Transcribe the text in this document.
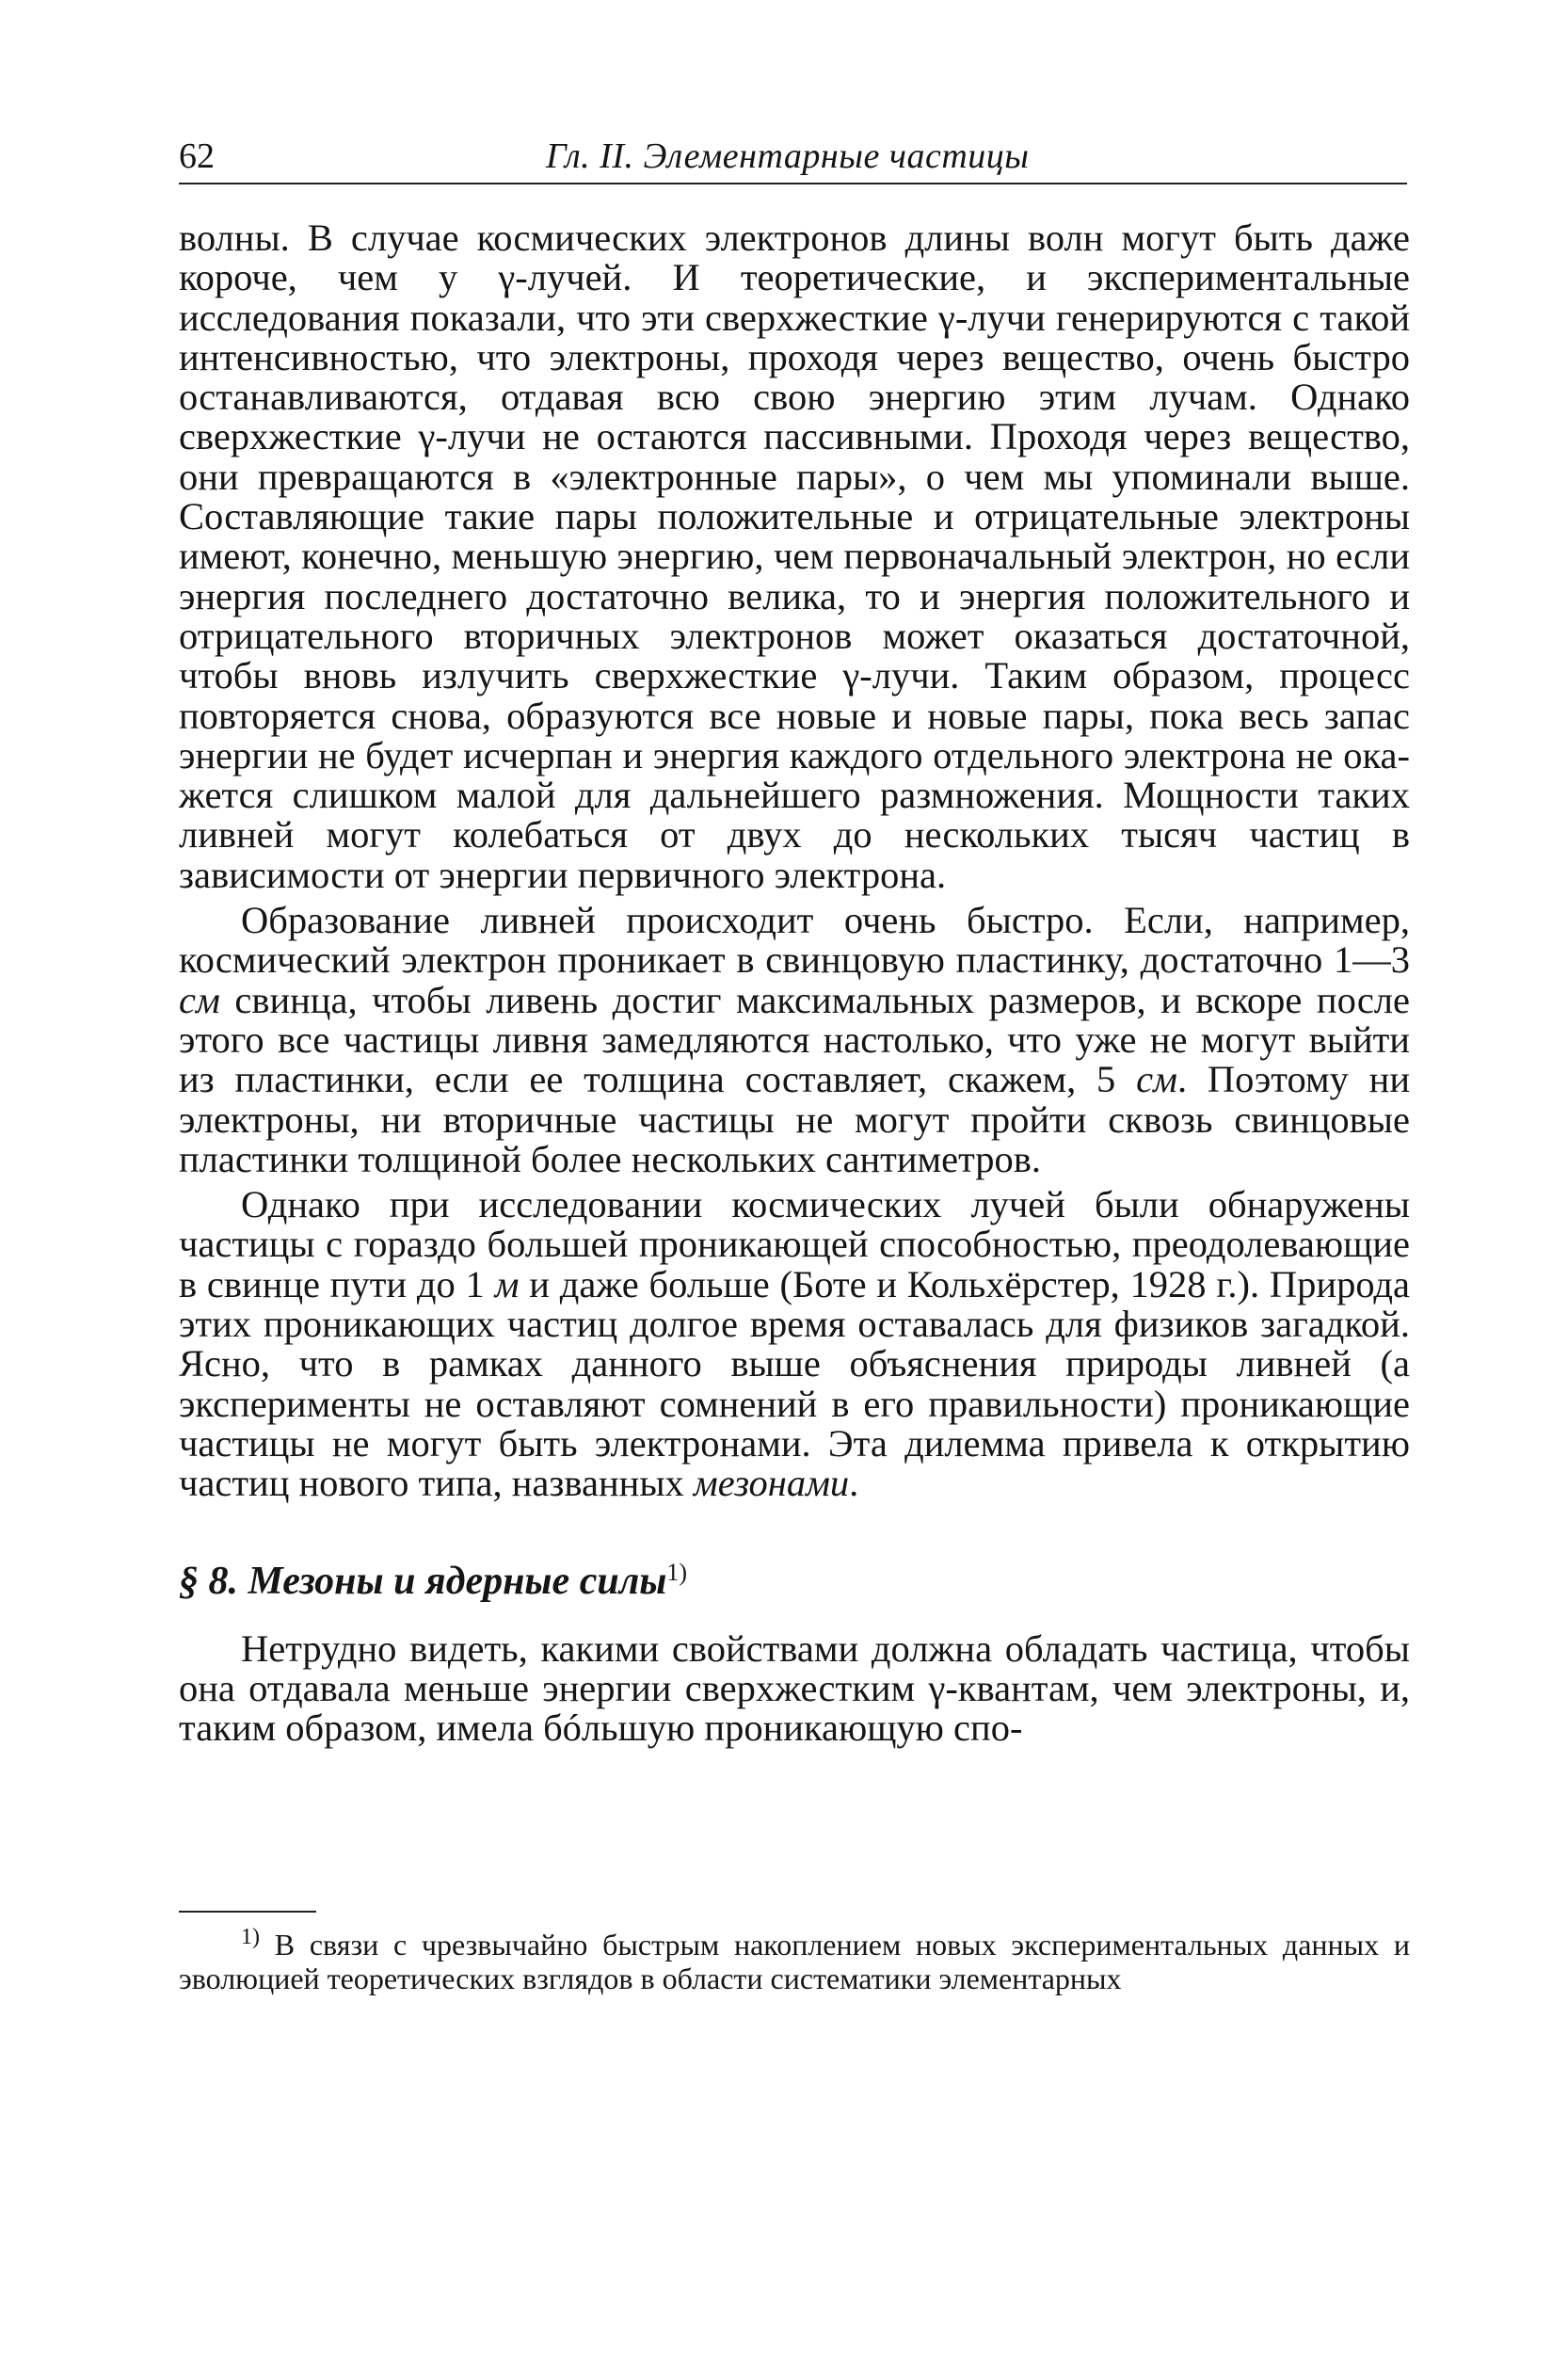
62	Гл. II. Элементарные частицы

волны. В случае космических электронов длины волн могут быть даже короче, чем у γ-лучей. И теоретические, и экспериментальные исследования показали, что эти сверхжесткие γ-лучи генерируются с такой интенсивностью, что электроны, проходя через вещество, очень быстро останавливаются, отдавая всю свою энергию этим лучам. Однако сверхжесткие γ-лучи не остаются пассивными. Проходя через вещество, они превращаются в «электронные пары», о чем мы упоминали выше. Составляющие такие пары положительные и отрицательные электроны имеют, конечно, меньшую энергию, чем первоначальный электрон, но если энергия последнего достаточно велика, то и энергия положительного и отрицательного вторичных электронов может оказаться достаточной, чтобы вновь излучить сверхжесткие γ-лучи. Таким образом, процесс повторяется снова, образуются все новые и новые пары, пока весь запас энергии не будет исчерпан и энергия каждого отдельного электрона не окажется слишком малой для дальнейшего размножения. Мощности таких ливней могут колебаться от двух до нескольких тысяч частиц в зависимости от энергии первичного электрона.

Образование ливней происходит очень быстро. Если, например, космический электрон проникает в свинцовую пластинку, достаточно 1—3 см свинца, чтобы ливень достиг максимальных размеров, и вскоре после этого все частицы ливня замедляются настолько, что уже не могут выйти из пластинки, если ее толщина составляет, скажем, 5 см. Поэтому ни электроны, ни вторичные частицы не могут пройти сквозь свинцовые пластинки толщиной более нескольких сантиметров.

Однако при исследовании космических лучей были обнаружены частицы с гораздо большей проникающей способностью, преодолевающие в свинце пути до 1 м и даже больше (Боте и Кольхёрстер, 1928 г.). Природа этих проникающих частиц долгое время оставалась для физиков загадкой. Ясно, что в рамках данного выше объяснения природы ливней (а эксперименты не оставляют сомнений в его правильности) проникающие частицы не могут быть электронами. Эта дилемма привела к открытию частиц нового типа, названных мезонами.

§ 8. Мезоны и ядерные силы$^{1)}$

Нетрудно видеть, какими свойствами должна обладать частица, чтобы она отдавала меньше энергии сверхжестким γ-квантам, чем электроны, и, таким образом, имела бóльшую проникающую спо-

$^{1)}$ В связи с чрезвычайно быстрым накоплением новых экспериментальных данных и эволюцией теоретических взглядов в области систематики элементарных
